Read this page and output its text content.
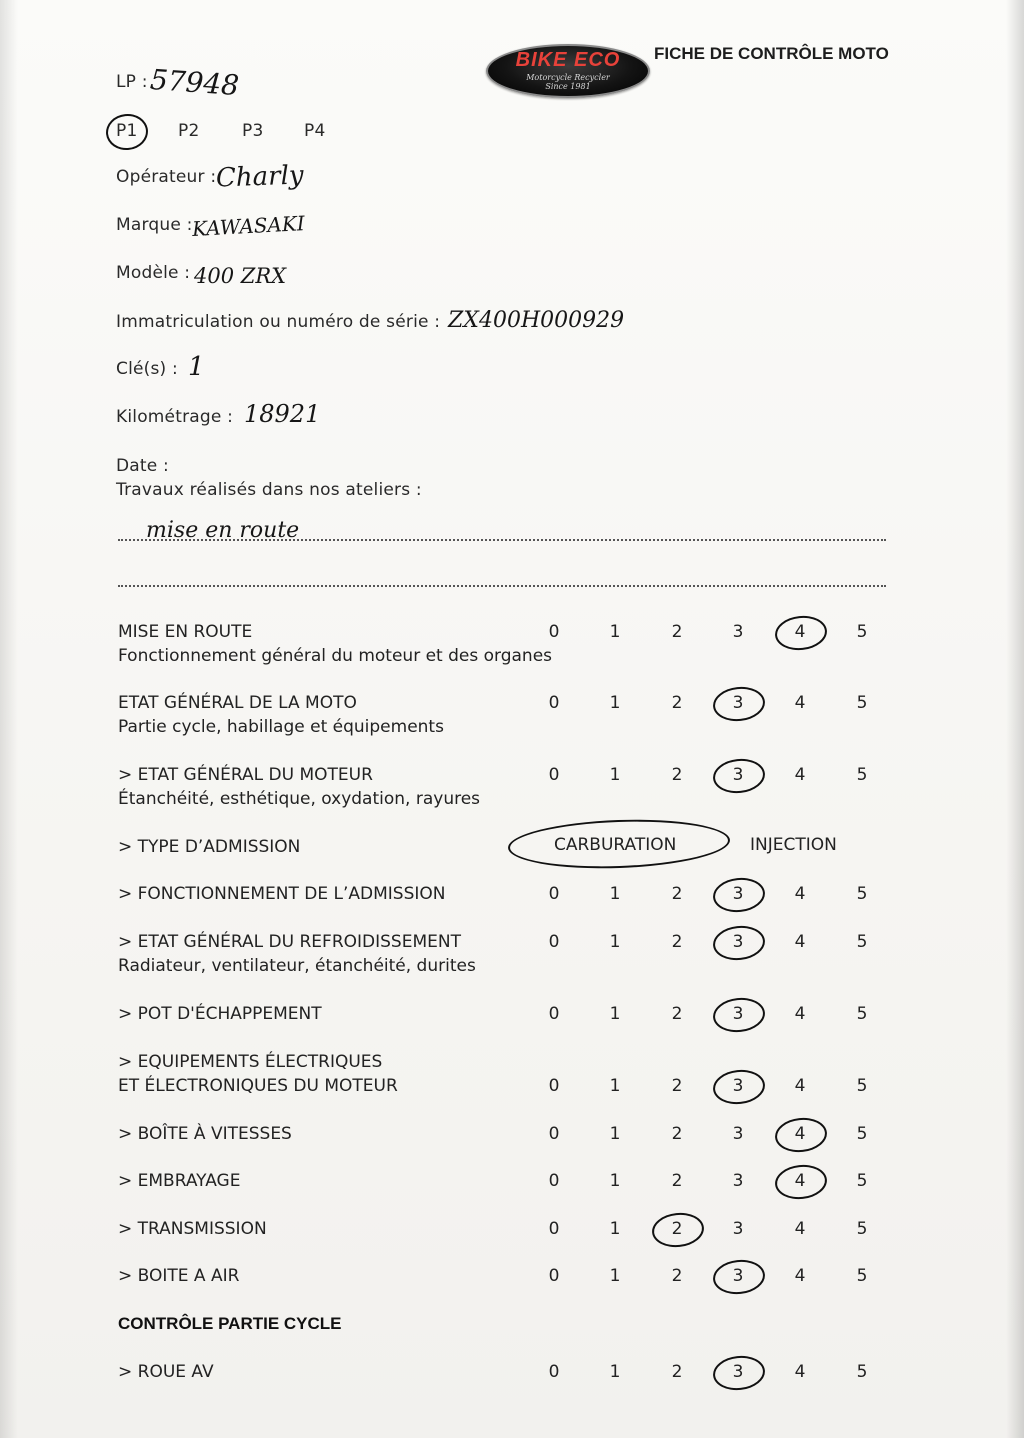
BIKE ECO
Motorcycle Recycler
Since 1981
FICHE DE CONTRÔLE MOTO
LP : 57948
P1 P2	P3 P4
Opérateur : Charly
Marque :
KAWASAKI
Modèle : 400 ZRX
Immatriculation ou numéro de série : ZX400H000929
Clé(s) : 1
Kilométrage : 18921
Date :
Travaux réalisés dans nos ateliers :
mise en route
> TYPE D’ADMISSION	CARBURATION	INJECTION
CONTRÔLE PARTIE CYCLE
MISE EN ROUTE
Fonctionnement général du moteur et des organes
0	1	2	3	4	5
ETAT GÉNÉRAL DE LA MOTO
Partie cycle, habillage et équipements
0	1	2	3	4	5
> ETAT GÉNÉRAL DU MOTEUR
Étanchéité, esthétique, oxydation, rayures
0	1	2	3	4	5
> FONCTIONNEMENT DE L’ADMISSION	0	1	2	3	4	5
> ETAT GÉNÉRAL DU REFROIDISSEMENT
Radiateur, ventilateur, étanchéité, durites
0	1	2	3	4	5
> POT D'ÉCHAPPEMENT	0	1	2	3	4	5
> EQUIPEMENTS ÉLECTRIQUES
ET ÉLECTRONIQUES DU MOTEUR	0	1	2	3	4	5
> BOÎTE À VITESSES	0	1	2	3	4	5
> EMBRAYAGE	0	1	2	3	4	5
> TRANSMISSION	0	1	2	3	4	5
> BOITE A AIR	0	1	2	3	4	5
> ROUE AV	0	1	2	3	4	5
